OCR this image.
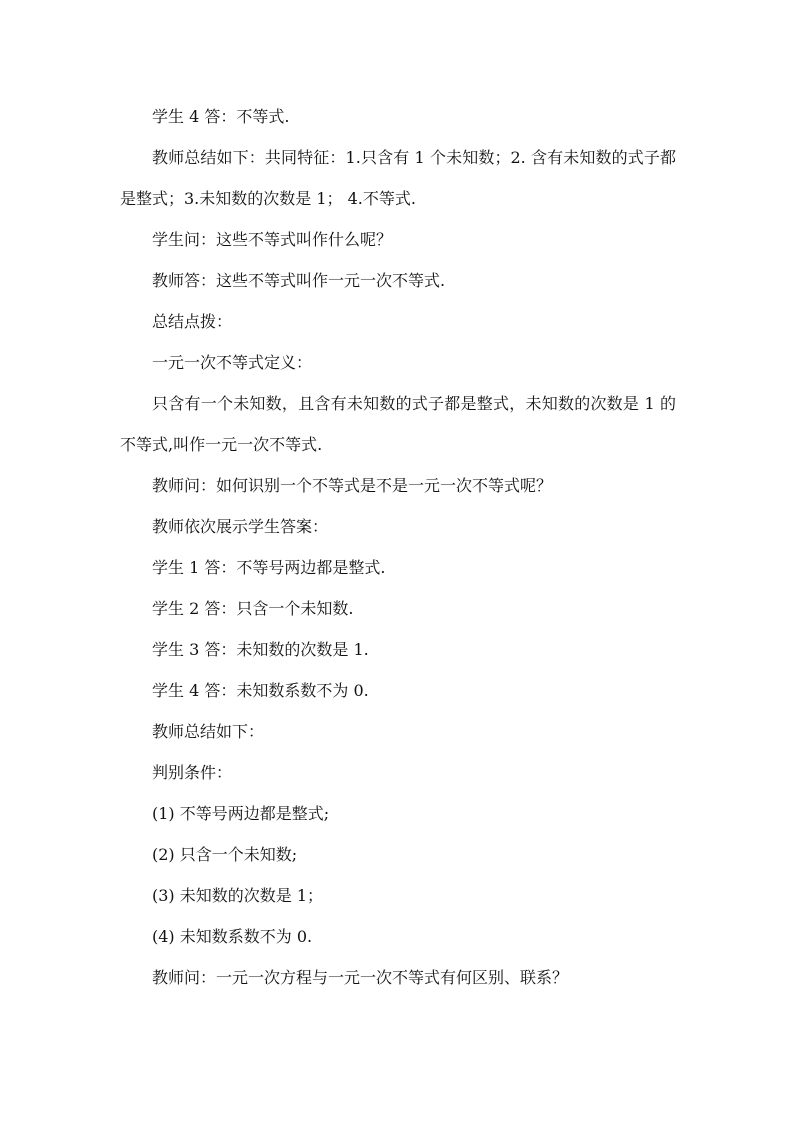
学生 4 答：不等式.

教师总结如下：共同特征：1.只含有 1 个未知数；2. 含有未知数的式子都是整式；3.未知数的次数是 1； 4.不等式.

学生问：这些不等式叫作什么呢？

教师答：这些不等式叫作一元一次不等式.

总结点拨：

一元一次不等式定义：

只含有一个未知数，且含有未知数的式子都是整式，未知数的次数是 1 的不等式,叫作一元一次不等式.

教师问：如何识别一个不等式是不是一元一次不等式呢？

教师依次展示学生答案：

学生 1 答：不等号两边都是整式.

学生 2 答：只含一个未知数.

学生 3 答：未知数的次数是 1.

学生 4 答：未知数系数不为 0.

教师总结如下：

判别条件：

(1) 不等号两边都是整式;

(2) 只含一个未知数;

(3) 未知数的次数是 1；

(4) 未知数系数不为 0.

教师问：一元一次方程与一元一次不等式有何区别、联系？
